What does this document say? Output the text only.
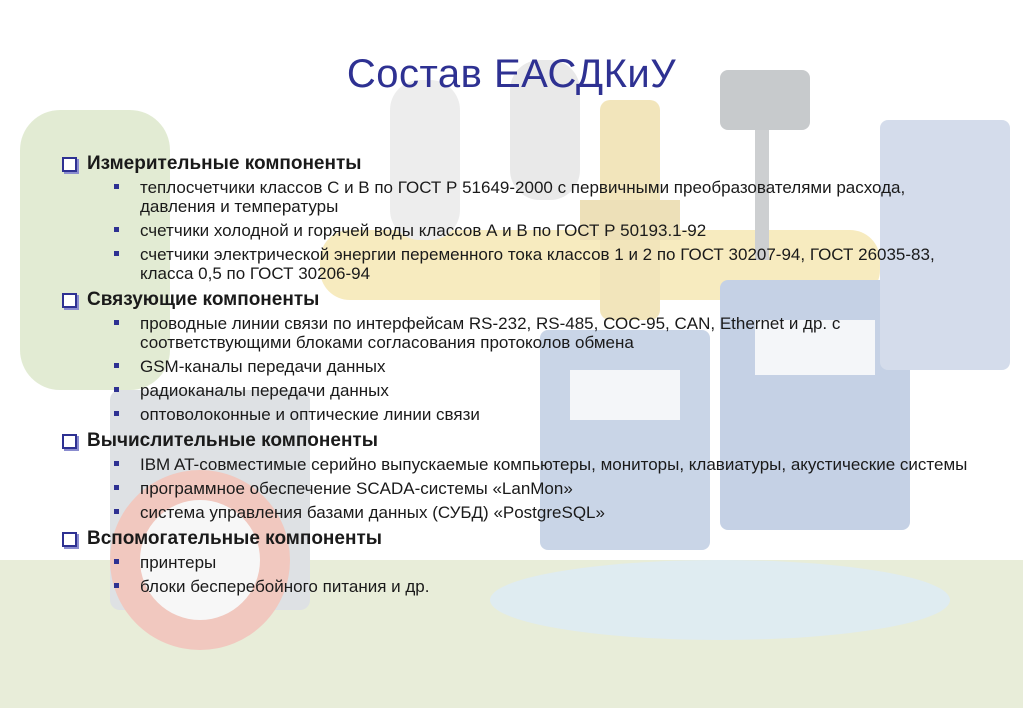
Состав ЕАСДКиУ
Измерительные компоненты
теплосчетчики классов С и В по ГОСТ Р 51649-2000 с первичными преобразователями расхода, давления и температуры
счетчики холодной и горячей воды классов А и В по ГОСТ Р 50193.1-92
счетчики электрической энергии переменного тока классов 1 и 2 по ГОСТ 30207-94, ГОСТ 26035-83, класса 0,5 по ГОСТ 30206-94
Связующие компоненты
проводные линии связи по интерфейсам RS-232, RS-485, СОС-95, CAN, Ethernet и др. с соответствующими блоками согласования протоколов обмена
GSM-каналы передачи данных
радиоканалы передачи данных
оптоволоконные и оптические линии связи
Вычислительные компоненты
IBM AT-совместимые серийно выпускаемые компьютеры, мониторы, клавиатуры, акустические системы
программное обеспечение SCADA-системы «LanMon»
система управления базами данных (СУБД) «PostgreSQL»
Вспомогательные компоненты
принтеры
блоки бесперебойного питания и др.
